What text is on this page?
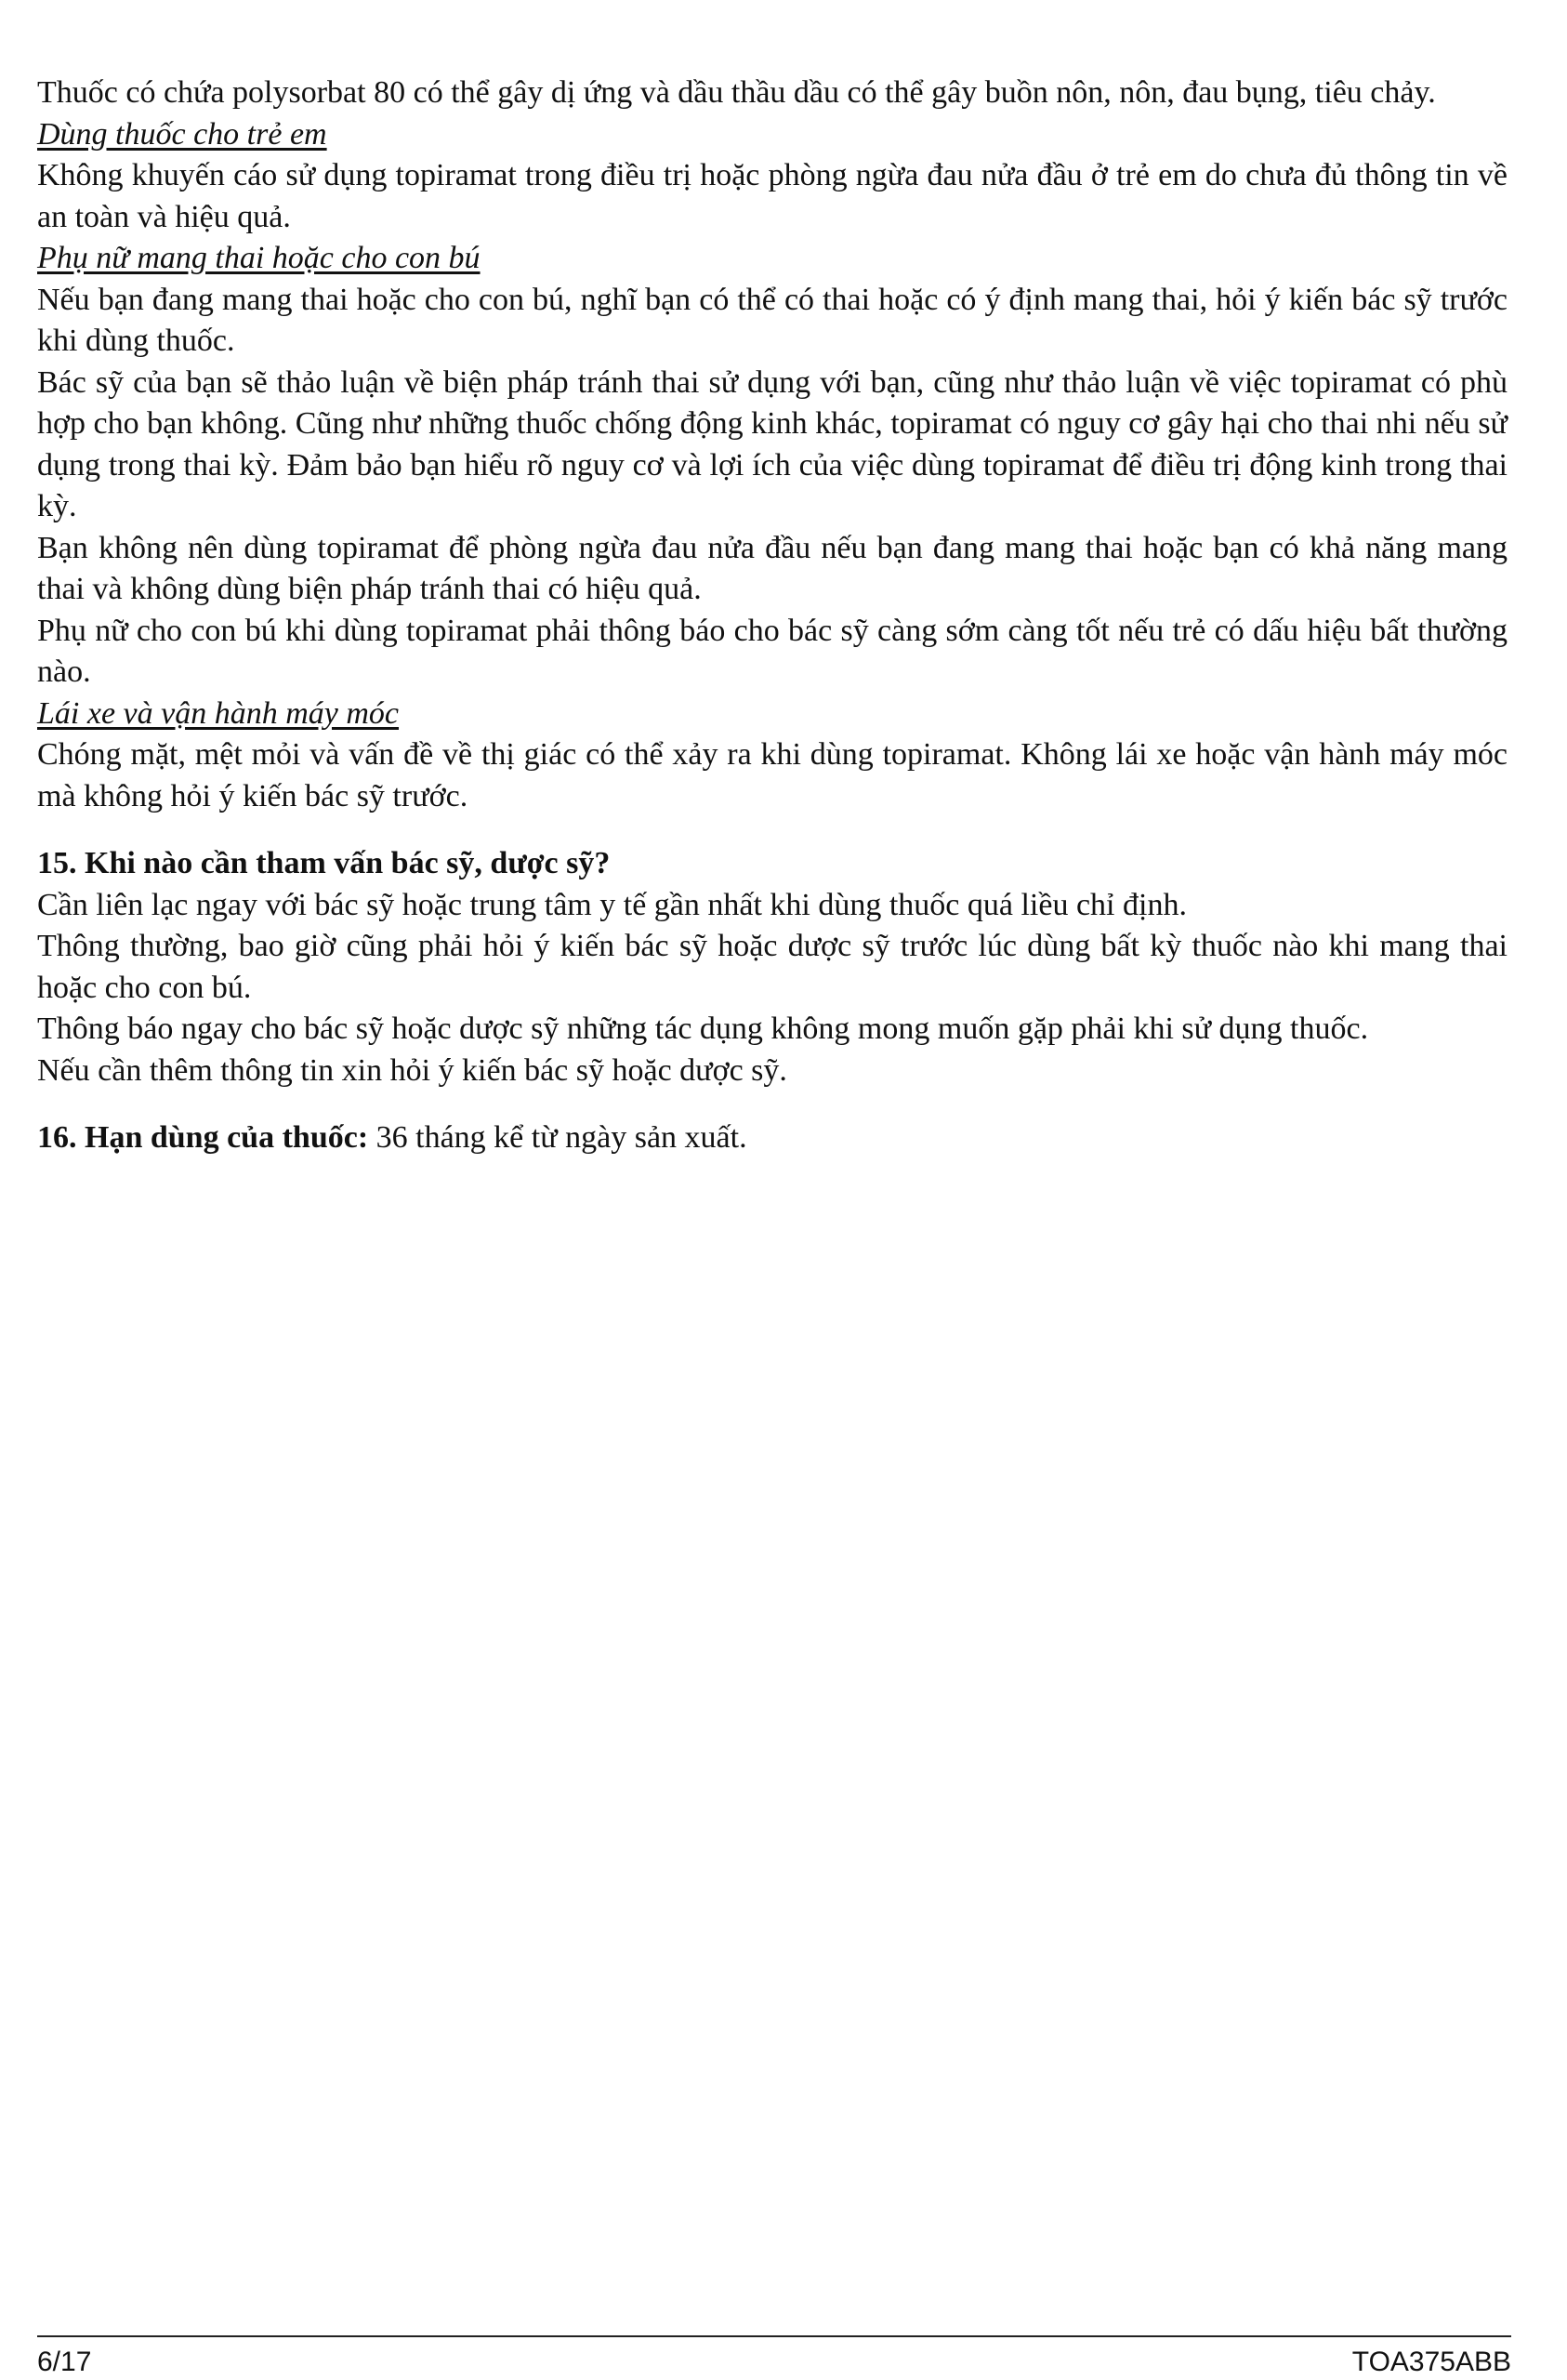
Thuốc có chứa polysorbat 80 có thể gây dị ứng và dầu thầu dầu có thể gây buồn nôn, nôn, đau bụng, tiêu chảy.

Dùng thuốc cho trẻ em

Không khuyến cáo sử dụng topiramat trong điều trị hoặc phòng ngừa đau nửa đầu ở trẻ em do chưa đủ thông tin về an toàn và hiệu quả.

Phụ nữ mang thai hoặc cho con bú

Nếu bạn đang mang thai hoặc cho con bú, nghĩ bạn có thể có thai hoặc có ý định mang thai, hỏi ý kiến bác sỹ trước khi dùng thuốc.

Bác sỹ của bạn sẽ thảo luận về biện pháp tránh thai sử dụng với bạn, cũng như thảo luận về việc topiramat có phù hợp cho bạn không. Cũng như những thuốc chống động kinh khác, topiramat có nguy cơ gây hại cho thai nhi nếu sử dụng trong thai kỳ. Đảm bảo bạn hiểu rõ nguy cơ và lợi ích của việc dùng topiramat để điều trị động kinh trong thai kỳ.

Bạn không nên dùng topiramat để phòng ngừa đau nửa đầu nếu bạn đang mang thai hoặc bạn có khả năng mang thai và không dùng biện pháp tránh thai có hiệu quả.

Phụ nữ cho con bú khi dùng topiramat phải thông báo cho bác sỹ càng sớm càng tốt nếu trẻ có dấu hiệu bất thường nào.

Lái xe và vận hành máy móc

Chóng mặt, mệt mỏi và vấn đề về thị giác có thể xảy ra khi dùng topiramat. Không lái xe hoặc vận hành máy móc mà không hỏi ý kiến bác sỹ trước.

15. Khi nào cần tham vấn bác sỹ, dược sỹ?

Cần liên lạc ngay với bác sỹ hoặc trung tâm y tế gần nhất khi dùng thuốc quá liều chỉ định.

Thông thường, bao giờ cũng phải hỏi ý kiến bác sỹ hoặc dược sỹ trước lúc dùng bất kỳ thuốc nào khi mang thai hoặc cho con bú.

Thông báo ngay cho bác sỹ hoặc dược sỹ những tác dụng không mong muốn gặp phải khi sử dụng thuốc.

Nếu cần thêm thông tin xin hỏi ý kiến bác sỹ hoặc dược sỹ.

16. Hạn dùng của thuốc: 36 tháng kể từ ngày sản xuất.

6/17	TOA375ABB
